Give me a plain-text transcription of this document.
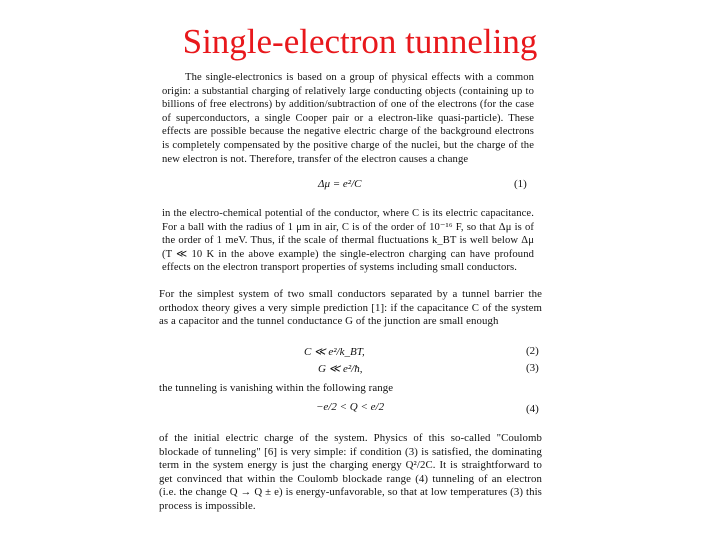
Single-electron tunneling

The single-electronics is based on a group of physical effects with a common origin: a substantial charging of relatively large conducting objects (containing up to billions of free electrons) by addition/subtraction of one of the electrons (for the case of superconductors, a single Cooper pair or a electron-like quasi-particle). These effects are possible because the negative electric charge of the background electrons is completely compensated by the positive charge of the nuclei, but the charge of the new electron is not. Therefore, transfer of the electron causes a change

Δμ = e²/C	(1)

in the electro-chemical potential of the conductor, where C is its electric capacitance. For a ball with the radius of 1 μm in air, C is of the order of 10⁻¹⁶ F, so that Δμ is of the order of 1 meV. Thus, if the scale of thermal fluctuations k_BT is well below Δμ (T ≪ 10 K in the above example) the single-electron charging can have profound effects on the electron transport properties of systems including small conductors.

For the simplest system of two small conductors separated by a tunnel barrier the orthodox theory gives a very simple prediction [1]: if the capacitance C of the system as a capacitor and the tunnel conductance G of the junction are small enough

C ≪ e²/k_BT,	(2)
G ≪ e²/ħ,	(3)

the tunneling is vanishing within the following range

−e/2 < Q < e/2	(4)

of the initial electric charge of the system. Physics of this so-called "Coulomb blockade of tunneling" [6] is very simple: if condition (3) is satisfied, the dominating term in the system energy is just the charging energy Q²/2C. It is straightforward to get convinced that within the Coulomb blockade range (4) tunneling of an electron (i.e. the change Q → Q ± e) is energy-unfavorable, so that at low temperatures (3) this process is impossible.
